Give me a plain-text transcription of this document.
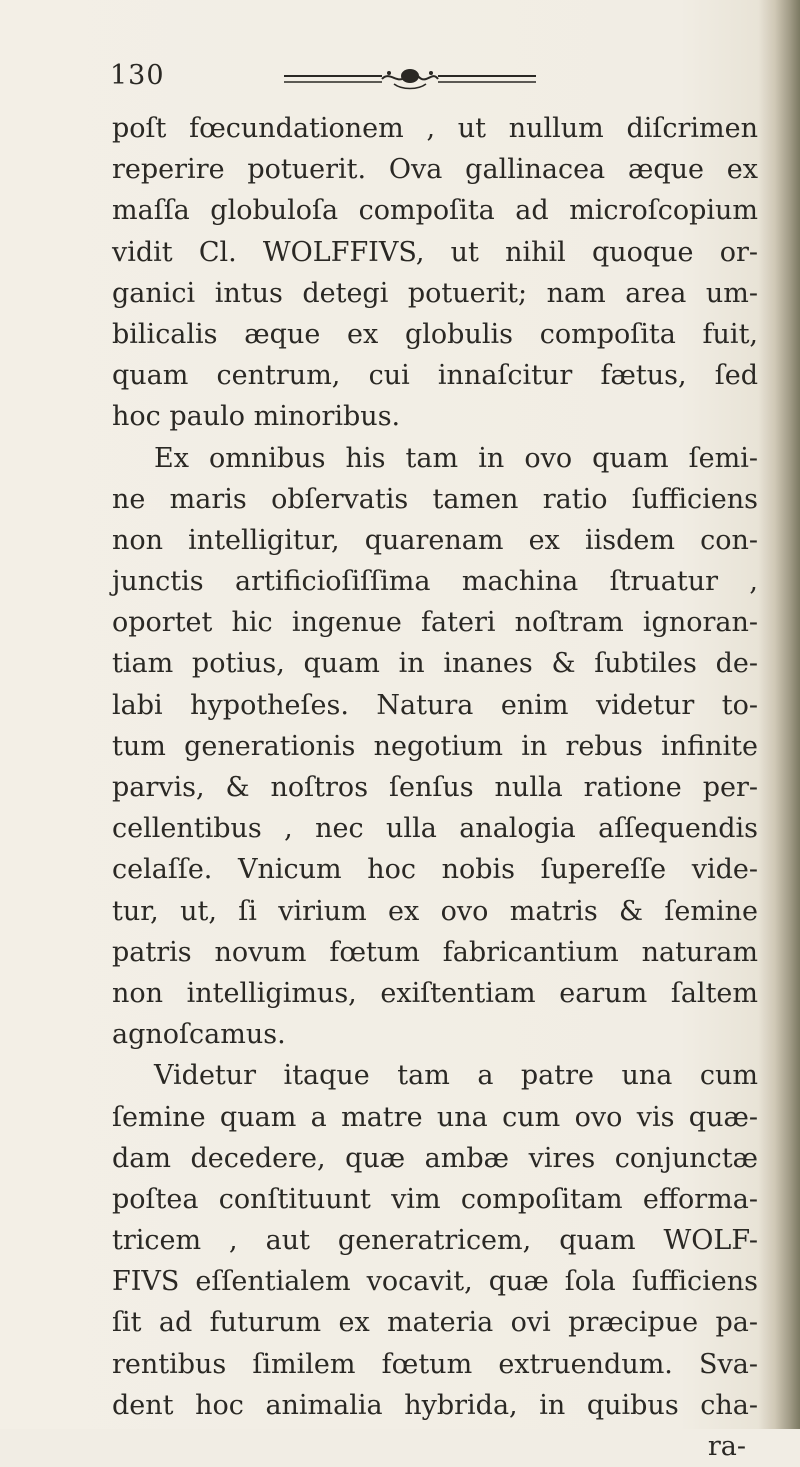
130
poſt fœcundationem , ut nullum diſcrimen
reperire potuerit. Ova gallinacea æque ex
maſſa globuloſa compoſita ad microſcopium
vidit Cl. WOLFFIVS, ut nihil quoque or-
ganici intus detegi potuerit; nam area um-
bilicalis æque ex globulis compoſita fuit,
quam centrum, cui innaſcitur fætus, ſed
hoc paulo minoribus.
Ex omnibus his tam in ovo quam ſemi-
ne maris obſervatis tamen ratio ſufficiens
non intelligitur, quarenam ex iisdem con-
junctis artificioſiſſima machina ſtruatur ,
oportet hic ingenue fateri noſtram ignoran-
tiam potius, quam in inanes & ſubtiles de-
labi hypotheſes. Natura enim videtur to-
tum generationis negotium in rebus infinite
parvis, & noſtros ſenſus nulla ratione per-
cellentibus , nec ulla analogia aſſequendis
celaſſe. Vnicum hoc nobis ſupereſſe vide-
tur, ut, ſi virium ex ovo matris & ſemine
patris novum fœtum fabricantium naturam
non intelligimus, exiſtentiam earum ſaltem
agnoſcamus.
Videtur itaque tam a patre una cum
ſemine quam a matre una cum ovo vis quæ-
dam decedere, quæ ambæ vires conjunctæ
poſtea conſtituunt vim compoſitam efforma-
tricem , aut generatricem, quam WOLF-
FIVS eſſentialem vocavit, quæ ſola ſufficiens
ſit ad futurum ex materia ovi præcipue pa-
rentibus ſimilem fœtum extruendum. Sva-
dent hoc animalia hybrida, in quibus cha-
ra-
